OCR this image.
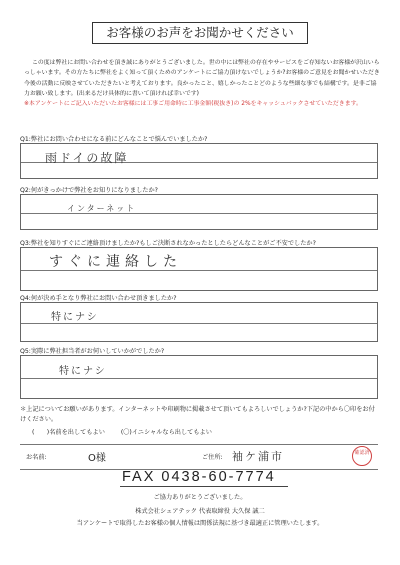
お客様のお声をお聞かせください

この度は弊社にお問い合わせを頂き誠にありがとうございました。世の中には弊社の存在やサービスをご存知ないお客様が沢山いらっしゃいます。その方たちに弊社をよく知って頂くためのアンケートにご協力頂けないでしょうか?お客様のご意見をお聞かせいただき今後の活動に反映させていただきたいと考えております。良かったこと、嬉しかったことどのような些細な事でも結構です。是非ご協力お願い致します。(出来るだけ具体的に書いて頂ければ幸いです)

※本アンケートにご記入いただいたお客様には工事ご用命時に工事金額(税抜き)の 2%をキャッシュバックさせていただきます。

Q1:弊社にお問い合わせになる前にどんなことで悩んでいましたか?
雨ドイの故障
Q2:何がきっかけで弊社をお知りになりましたか?
インターネット
Q3:弊社を知りすぐにご連絡頂けましたか?もしご決断されなかったとしたらどんなことがご不安でしたか?
すぐに連絡した
Q4:何が決め手となり弊社にお問い合わせ頂きましたか?
特にナシ
Q5:実際に弊社担当者がお伺いしていかがでしたか?
特にナシ
＊上記についてお願いがあります。インターネットや印刷物に掲載させて頂いてもよろしいでしょうか?下記の中から〇印をお付けください。
(　　)名前を出してもよい	(〇)イニシャルなら出してもよい
お名前:	O様	ご住所: 袖ケ浦市	確認済
FAX 0438-60-7774
ご協力ありがとうございました。
株式会社シェアテック 代表取締役 大久保 誠二
当アンケートで取得したお客様の個人情報は関係法規に基づき最適正に管理いたします。
